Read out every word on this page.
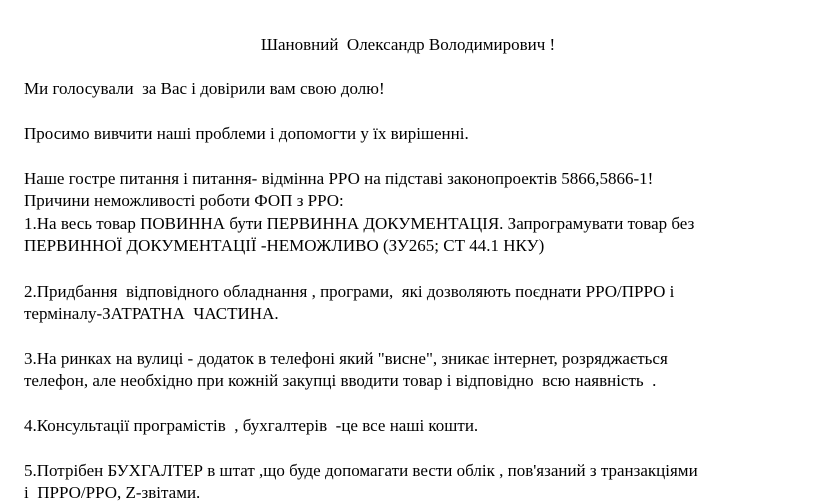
Шановний  Олександр Володимирович !
Ми голосували  за Вас і довірили вам свою долю!
Просимо вивчити наші проблеми і допомогти у їх вирішенні.
Наше гостре питання і питання- відмінна РРО на підставі законопроектів 5866,5866-1!
Причини неможливості роботи ФОП з РРО:
1.На весь товар ПОВИННА бути ПЕРВИННА ДОКУМЕНТАЦІЯ. Запрограмувати товар без
ПЕРВИННОЇ ДОКУМЕНТАЦІЇ -НЕМОЖЛИВО (ЗУ265; СТ 44.1 НКУ)
2.Придбання  відповідного обладнання , програми,  які дозволяють поєднати РРО/ПРРО і
терміналу-ЗАТРАТНА  ЧАСТИНА.
3.На ринках на вулиці - додаток в телефоні який "висне", зникає інтернет, розряджається
телефон, але необхідно при кожній закупці вводити товар і відповідно  всю наявність  .
4.Консультації програмістів  , бухгалтерів  -це все наші кошти.
5.Потрібен БУХГАЛТЕР в штат ,що буде допомагати вести облік , пов'язаний з транзакціями
і  ПРРО/РРО, Z-звітами.
